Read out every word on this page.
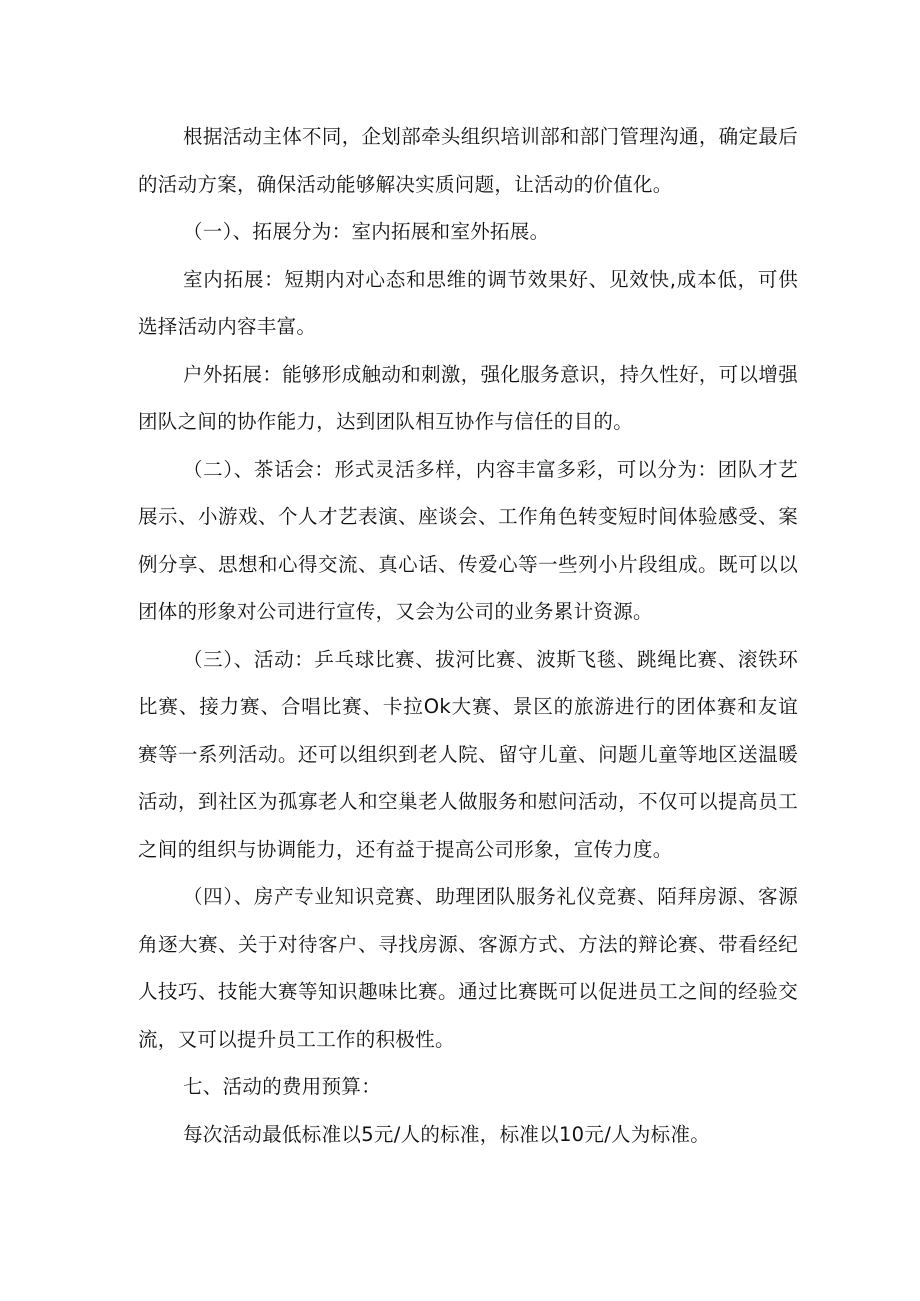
根据活动主体不同，企划部牵头组织培训部和部门管理沟通，确定最后的活动方案，确保活动能够解决实质问题，让活动的价值化。

（一）、拓展分为：室内拓展和室外拓展。

室内拓展：短期内对心态和思维的调节效果好、见效快,成本低，可供选择活动内容丰富。

户外拓展：能够形成触动和刺激，强化服务意识，持久性好，可以增强团队之间的协作能力，达到团队相互协作与信任的目的。

（二）、茶话会：形式灵活多样，内容丰富多彩，可以分为：团队才艺展示、小游戏、个人才艺表演、座谈会、工作角色转变短时间体验感受、案例分享、思想和心得交流、真心话、传爱心等一些列小片段组成。既可以以团体的形象对公司进行宣传，又会为公司的业务累计资源。

（三）、活动：乒乓球比赛、拔河比赛、波斯飞毯、跳绳比赛、滚铁环比赛、接力赛、合唱比赛、卡拉Ok大赛、景区的旅游进行的团体赛和友谊赛等一系列活动。还可以组织到老人院、留守儿童、问题儿童等地区送温暖活动，到社区为孤寡老人和空巢老人做服务和慰问活动，不仅可以提高员工之间的组织与协调能力，还有益于提高公司形象，宣传力度。

（四）、房产专业知识竞赛、助理团队服务礼仪竞赛、陌拜房源、客源角逐大赛、关于对待客户、寻找房源、客源方式、方法的辩论赛、带看经纪人技巧、技能大赛等知识趣味比赛。通过比赛既可以促进员工之间的经验交流，又可以提升员工工作的积极性。

七、活动的费用预算：

每次活动最低标准以5元/人的标准，标准以10元/人为标准。
